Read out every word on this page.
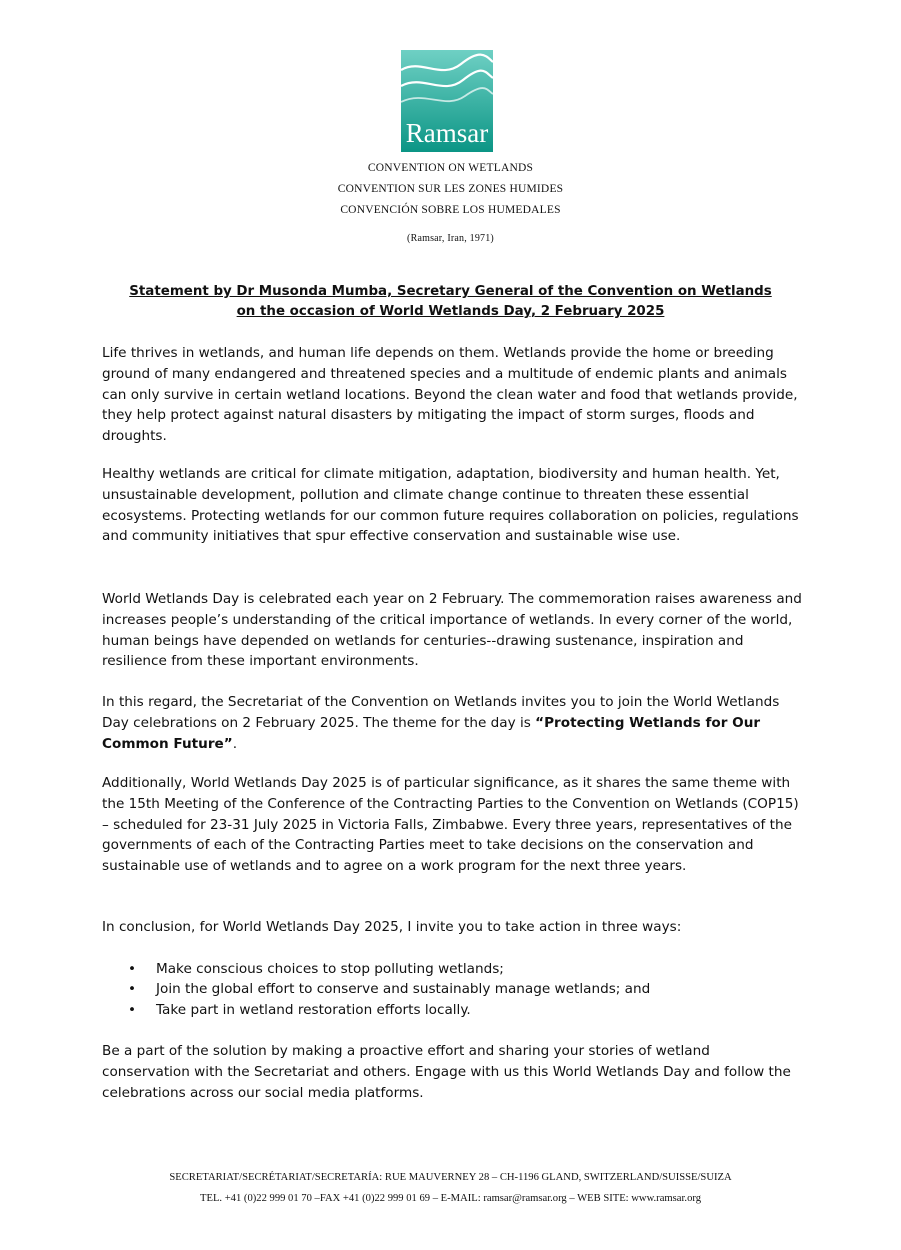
Ramsar
CONVENTION ON WETLANDS
CONVENTION SUR LES ZONES HUMIDES
CONVENCIÓN SOBRE LOS HUMEDALES
(Ramsar, Iran, 1971)
Statement by Dr Musonda Mumba, Secretary General of the Convention on Wetlands
on the occasion of World Wetlands Day, 2 February 2025

Life thrives in wetlands, and human life depends on them. Wetlands provide the home or breeding ground of many endangered and threatened species and a multitude of endemic plants and animals can only survive in certain wetland locations. Beyond the clean water and food that wetlands provide, they help protect against natural disasters by mitigating the impact of storm surges, floods and droughts.

Healthy wetlands are critical for climate mitigation, adaptation, biodiversity and human health. Yet, unsustainable development, pollution and climate change continue to threaten these essential ecosystems. Protecting wetlands for our common future requires collaboration on policies, regulations and community initiatives that spur effective conservation and sustainable wise use.

World Wetlands Day is celebrated each year on 2 February. The commemoration raises awareness and increases people’s understanding of the critical importance of wetlands. In every corner of the world, human beings have depended on wetlands for centuries--drawing sustenance, inspiration and resilience from these important environments.

In this regard, the Secretariat of the Convention on Wetlands invites you to join the World Wetlands Day celebrations on 2 February 2025. The theme for the day is “Protecting Wetlands for Our Common Future”.

Additionally, World Wetlands Day 2025 is of particular significance, as it shares the same theme with the 15th Meeting of the Conference of the Contracting Parties to the Convention on Wetlands (COP15) – scheduled for 23-31 July 2025 in Victoria Falls, Zimbabwe. Every three years, representatives of the governments of each of the Contracting Parties meet to take decisions on the conservation and sustainable use of wetlands and to agree on a work program for the next three years.

In conclusion, for World Wetlands Day 2025, I invite you to take action in three ways:

• Make conscious choices to stop polluting wetlands;
• Join the global effort to conserve and sustainably manage wetlands; and
• Take part in wetland restoration efforts locally.

Be a part of the solution by making a proactive effort and sharing your stories of wetland conservation with the Secretariat and others. Engage with us this World Wetlands Day and follow the celebrations across our social media platforms.

SECRETARIAT/SECRÉTARIAT/SECRETARÍA: RUE MAUVERNEY 28 – CH-1196 GLAND, SWITZERLAND/SUISSE/SUIZA
TEL. +41 (0)22 999 01 70 –FAX +41 (0)22 999 01 69 – E-MAIL: ramsar@ramsar.org – WEB SITE: www.ramsar.org
